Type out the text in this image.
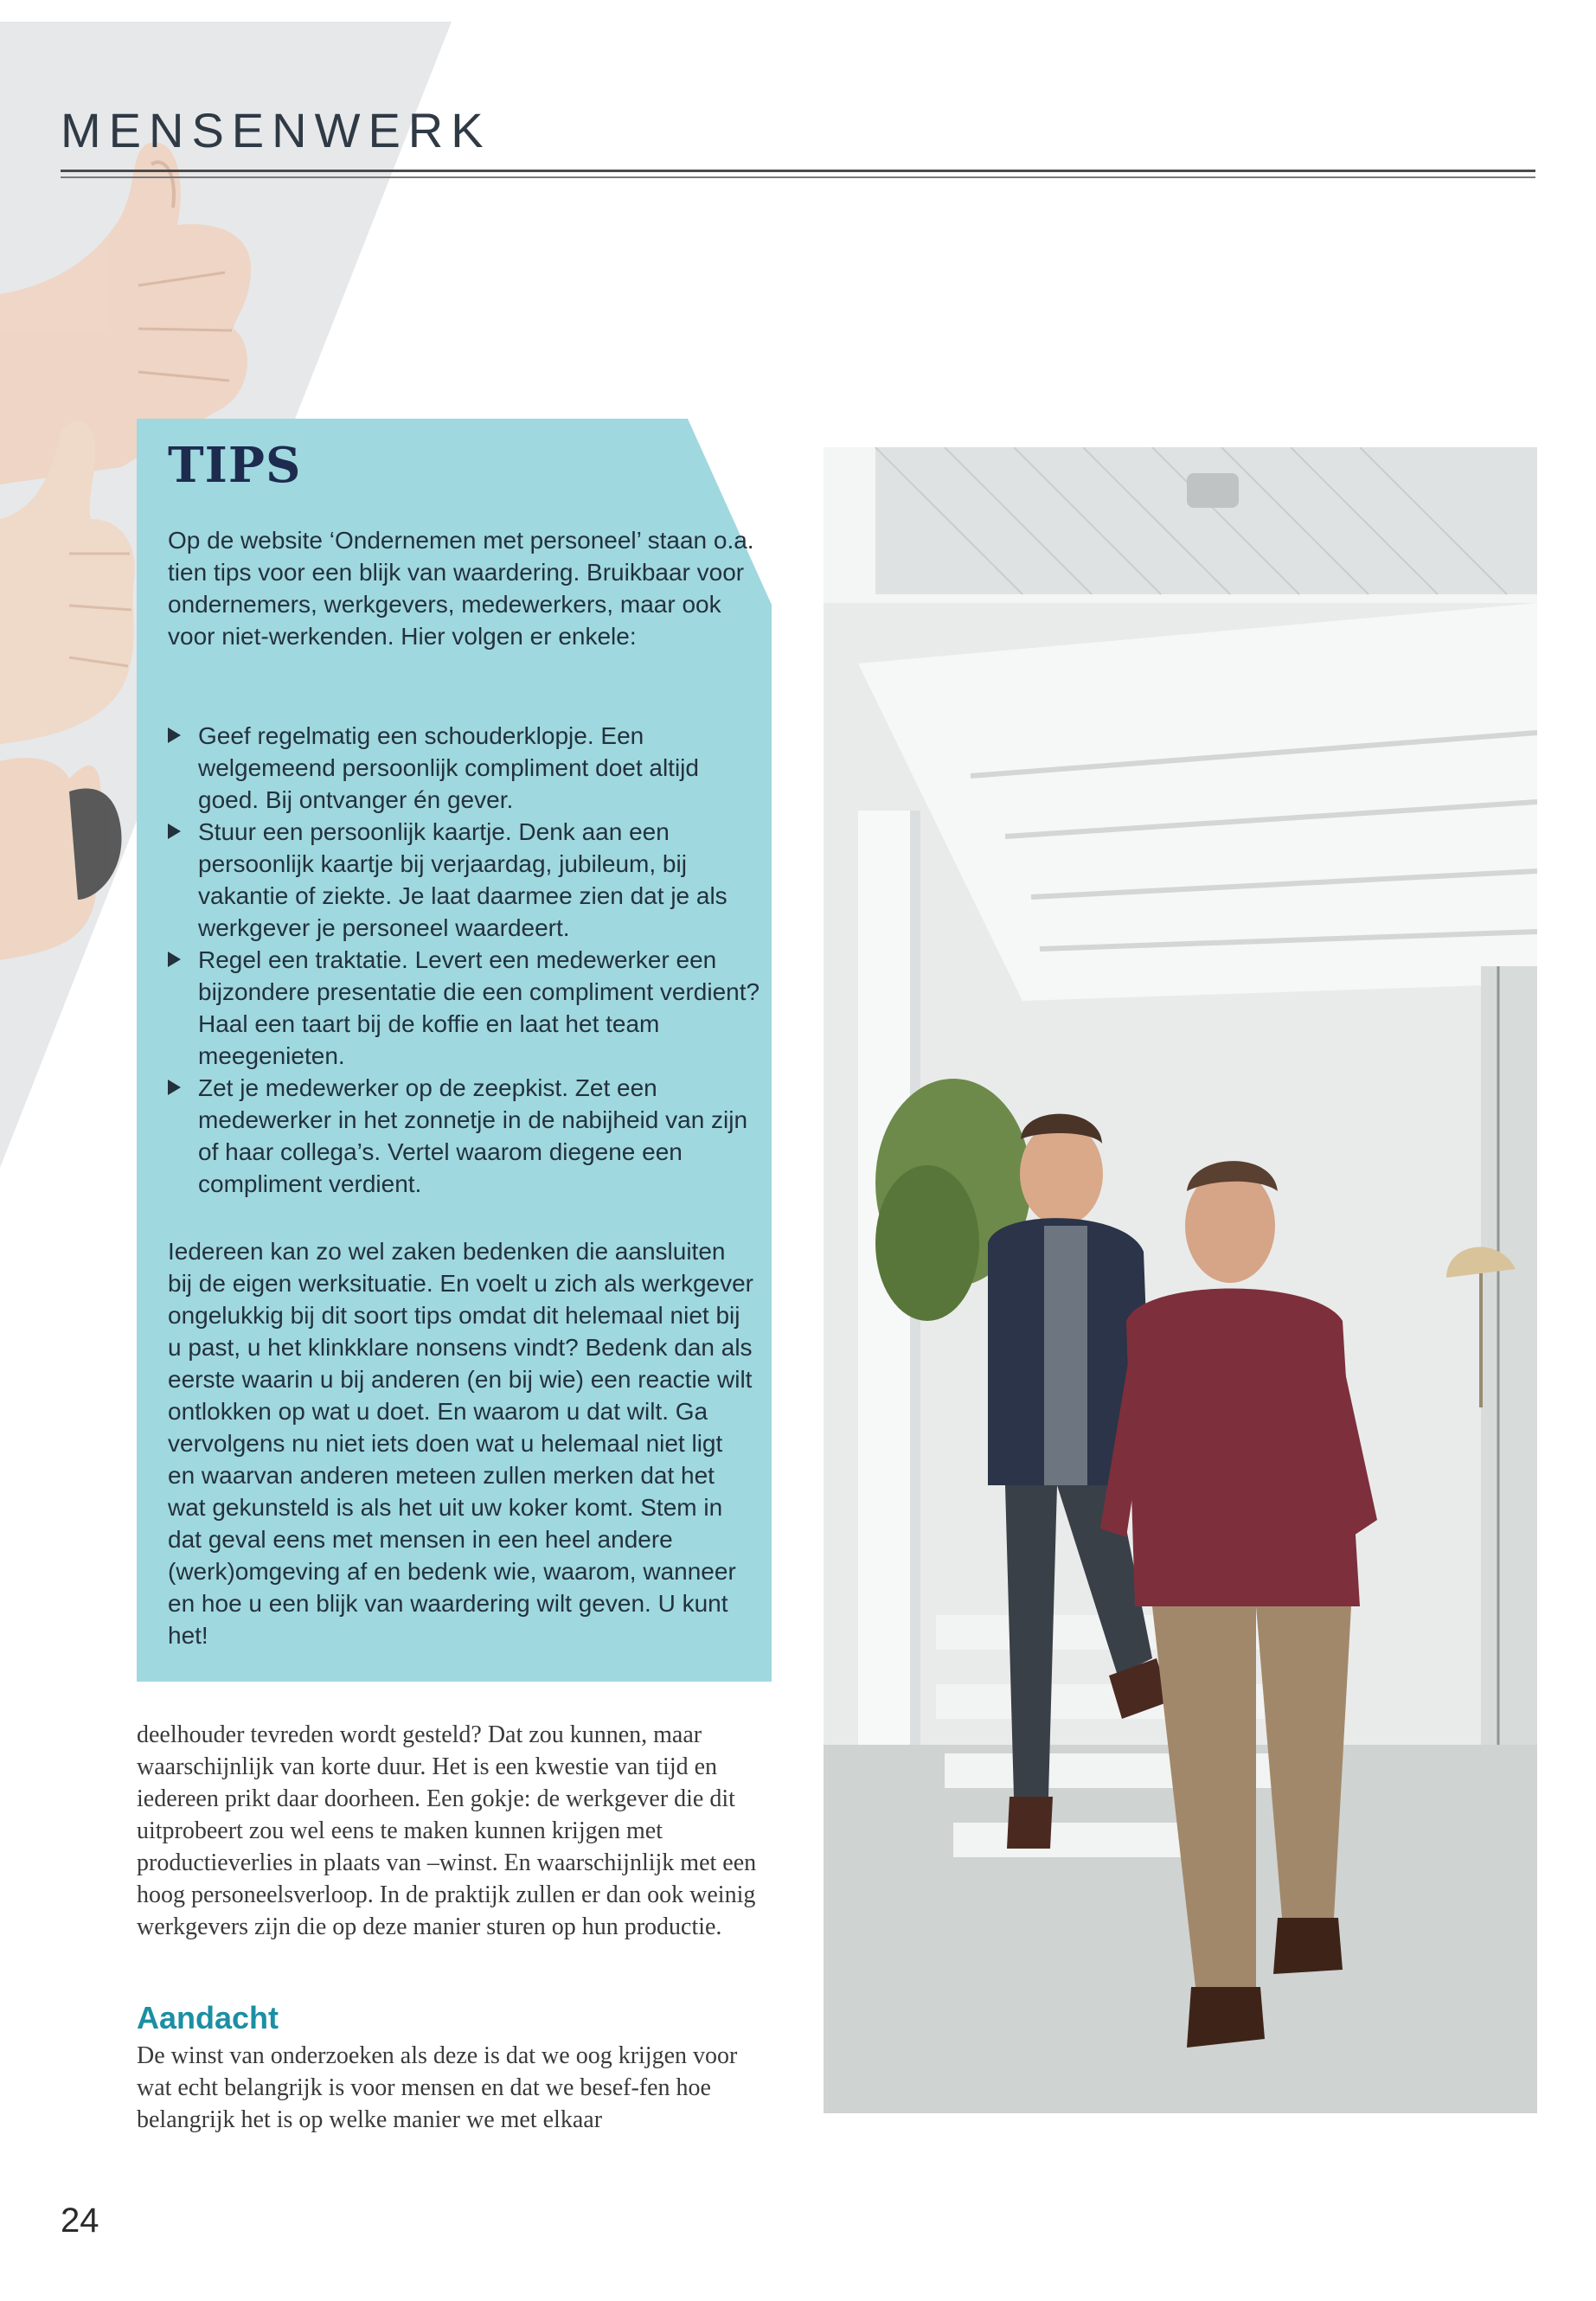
MENSENWERK
TIPS
Op de website ‘Ondernemen met personeel’ staan o.a. tien tips voor een blijk van waardering. Bruikbaar voor ondernemers, werkgevers, medewerkers, maar ook voor niet-werkenden. Hier volgen er enkele:
Geef regelmatig een schouderklopje. Een welgemeend persoonlijk compliment doet altijd goed. Bij ontvanger én gever.
Stuur een persoonlijk kaartje. Denk aan een persoonlijk kaartje bij verjaardag, jubileum, bij vakantie of ziekte. Je laat daarmee zien dat je als werkgever je personeel waardeert.
Regel een traktatie. Levert een medewerker een bijzondere presentatie die een compliment verdient? Haal een taart bij de koffie en laat het team meegenieten.
Zet je medewerker op de zeepkist. Zet een medewerker in het zonnetje in de nabijheid van zijn of haar collega’s. Vertel waarom diegene een compliment verdient.
Iedereen kan zo wel zaken bedenken die aansluiten bij de eigen werksituatie. En voelt u zich als werkgever ongelukkig bij dit soort tips omdat dit helemaal niet bij u past, u het klinkklare nonsens vindt? Bedenk dan als eerste waarin u bij anderen (en bij wie) een reactie wilt ontlokken op wat u doet. En waarom u dat wilt. Ga vervolgens nu niet iets doen wat u helemaal niet ligt en waarvan anderen meteen zullen merken dat het wat gekunsteld is als het uit uw koker komt. Stem in dat geval eens met mensen in een heel andere (werk)omgeving af en bedenk wie, waarom, wanneer en hoe u een blijk van waardering wilt geven. U kunt het!
deelhouder tevreden wordt gesteld? Dat zou kunnen, maar waarschijnlijk van korte duur. Het is een kwestie van tijd en iedereen prikt daar doorheen. Een gokje: de werkgever die dit uitprobeert zou wel eens te maken kunnen krijgen met productieverlies in plaats van –winst. En waarschijnlijk met een hoog personeelsverloop. In de praktijk zullen er dan ook weinig werkgevers zijn die op deze manier sturen op hun productie.
Aandacht
De winst van onderzoeken als deze is dat we oog krijgen voor wat echt belangrijk is voor mensen en dat we besef-fen hoe belangrijk het is op welke manier we met elkaar
24
